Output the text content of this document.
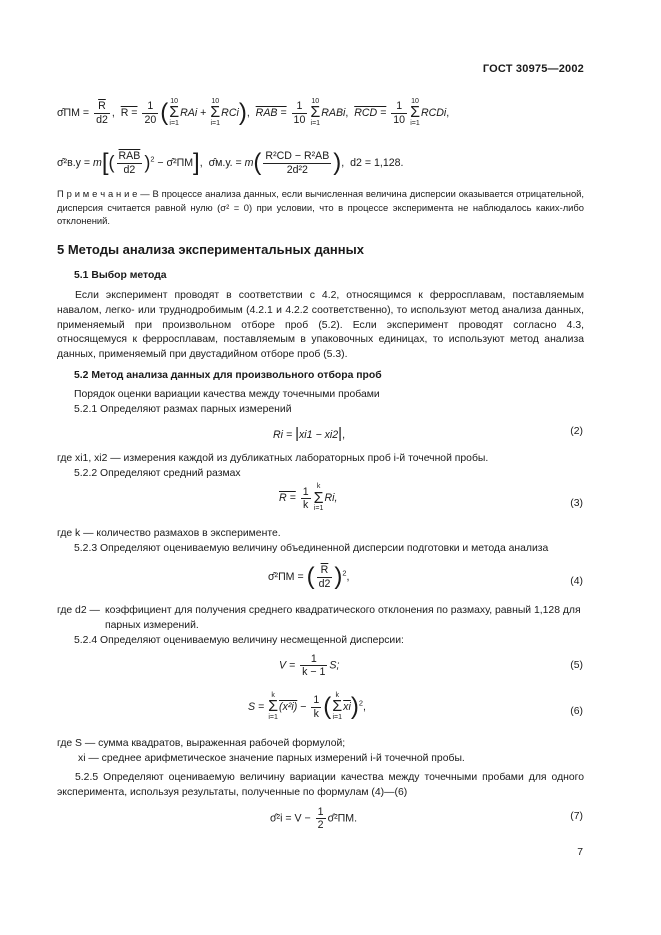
ГОСТ 30975—2002
σ̂ПМ = $\frac{\overline{R}}{d2}$ ,  $R = \frac{1}{20}$ ( 10
Σ
i=1
RAi +
10
Σ
i=1
RCi),  RAB = $\frac{1}{10} 10$
Σ
i=1
RABi,  RCD = $\frac{1}{10} 10$
Σ
i=1
RCDi,
σ̂²в.у = $m[( \frac{\overline{RAB}}{d2} )^2$ − σ̂²ПМ],  σ̂м.у. = $m( \frac{\text{R²CD − R²AB}}{\text{2d²2}}$ ),  d2 = 1,128.
П р и м е ч а н и е — В процессе анализа данных, если вычисленная величина дисперсии оказывается отрицательной, дисперсия считается равной нулю (σ² = 0) при условии, что в процессе эксперимента не наблюдалось каких-либо отклонений.
5 Методы анализа экспериментальных данных
5.1 Выбор метода
Если эксперимент проводят в соответствии с 4.2, относящимся к ферросплавам, поставляемым навалом, легко- или труднодробимым (4.2.1 и 4.2.2 соответственно), то используют метод анализа данных, применяемый при произвольном отборе проб (5.2). Если эксперимент проводят согласно 4.3, относящемуся к ферросплавам, поставляемым в упаковочных единицах, то используют метод анализа данных, применяемый при двустадийном отборе проб (5.3).
5.2 Метод анализа данных для произвольного отбора проб
Порядок оценки вариации качества между точечными пробами
5.2.1 Определяют размах парных измерений
Ri = |xi1 − xi2|,	(2)
где xi1, xi2 — измерения каждой из дубликатных лабораторных проб i-й точечной пробы.
5.2.2 Определяют средний размах
$R = \frac{1}{k}$ k
Σ
i=1
Ri,	(3)
где k — количество размахов в эксперименте.
5.2.3 Определяют оцениваемую величину объединенной дисперсии подготовки и метода анализа
σ̂²ПМ = ( $\frac{\overline{R}}{d2} )^2$,	(4)
где d2 — коэффициент для получения среднего квадратического отклонения по размаху, равный 1,128 для парных измерений.
5.2.4 Определяют оцениваемую величину несмещенной дисперсии:
$V = \frac{1}{k - 1} S$;	(5)
S =
k
Σ
i=1
$(x^2i) - \frac{1}{k}$ ( k
Σ
i=1
$\overline{xi})^2$,	(6)
где S — сумма квадратов, выраженная рабочей формулой;
xi — среднее арифметическое значение парных измерений i-й точечной пробы.
5.2.5 Определяют оцениваемую величину вариации качества между точечными пробами для одного эксперимента, используя результаты, полученные по формулам (4)—(6)
σ̂²i = $V - \frac{1}{2}$ σ̂²ПМ.	(7)
7
